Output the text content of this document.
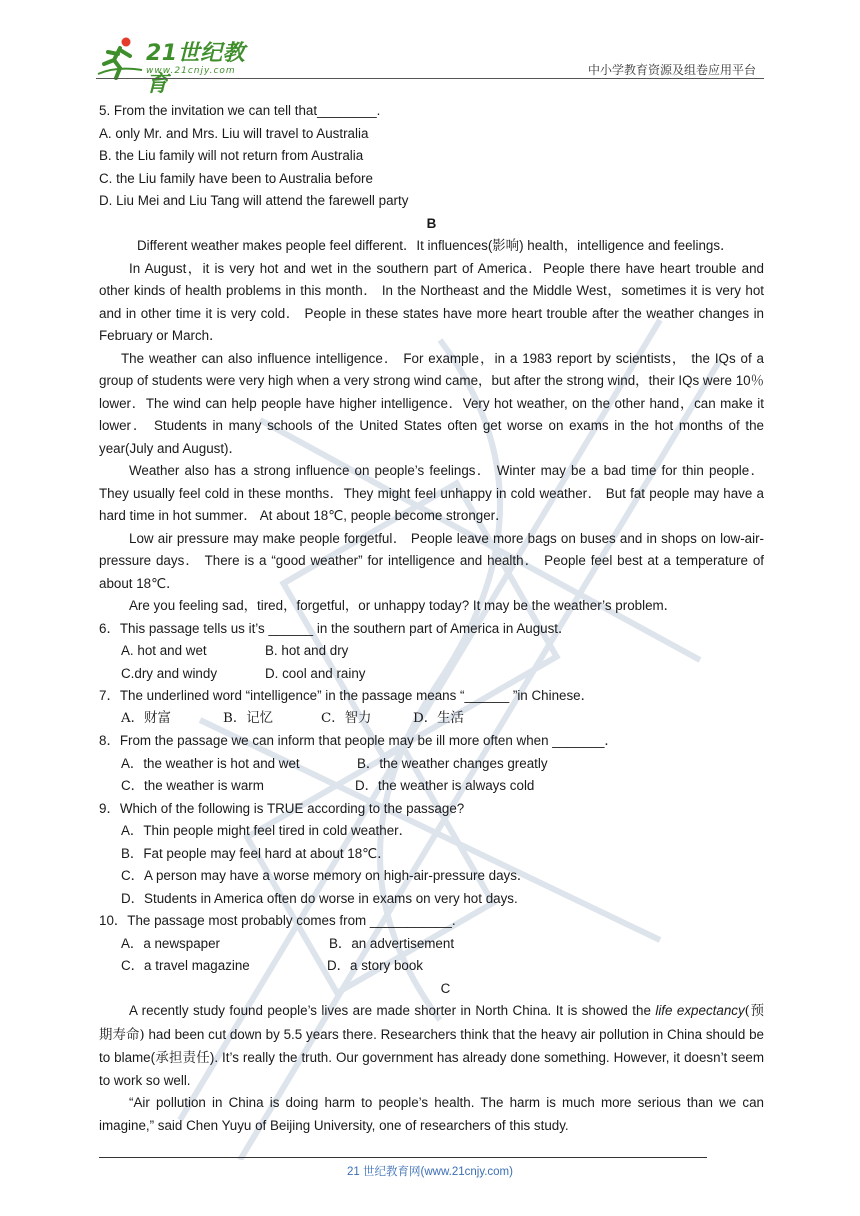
21世纪教育
www.21cnjy.com	中小学教育资源及组卷应用平台
5. From the invitation we can tell that________.
A. only Mr. and Mrs. Liu will travel to Australia
B. the Liu family will not return from Australia
C. the Liu family have been to Australia before
D. Liu Mei and Liu Tang will attend the farewell party
B
Different weather makes people feel different．It influences(影响) health，intelligence and feelings．
In August，it is very hot and wet in the southern part of America．People there have heart trouble and other kinds of health problems in this month． In the Northeast and the Middle West，sometimes it is very hot and in other time it is very cold． People in these states have more heart trouble after the weather changes in February or March．
The weather can also influence intelligence． For example，in a 1983 report by scientists， the IQs of a group of students were very high when a very strong wind came，but after the strong wind，their IQs were 10％ lower．The wind can help people have higher intelligence．Very hot weather, on the other hand，can make it lower． Students in many schools of the United States often get worse on exams in the hot months of the year(July and August)．
Weather also has a strong influence on people’s feelings． Winter may be a bad time for thin people．They usually feel cold in these months．They might feel unhappy in cold weather． But fat people may have a hard time in hot summer． At about 18℃, people become stronger．
Low air pressure may make people forgetful． People leave more bags on buses and in shops on low-air-pressure days． There is a “good weather” for intelligence and health． People feel best at a temperature of about 18℃．
Are you feeling sad，tired，forgetful，or unhappy today? It may be the weather’s problem．
6．This passage tells us it’s ______ in the southern part of America in August．
A. hot and wet	B. hot and dry
C.dry and windy	D. cool and rainy
7．The underlined word “intelligence” in the passage means “______ ”in Chinese．
A．财富	B．记忆	C．智力	D．生活
8．From the passage we can inform that people may be ill more often when _______．
A．the weather is hot and wet	B．the weather changes greatly
C．the weather is warm	D．the weather is always cold
9．Which of the following is TRUE according to the passage?
A．Thin people might feel tired in cold weather．
B．Fat people may feel hard at about 18℃．
C．A person may have a worse memory on high-air-pressure days．
D．Students in America often do worse in exams on very hot days.
10．The passage most probably comes from ___________.
A．a newspaper	B．an advertisement
C．a travel magazine	D．a story book
C
A recently study found people’s lives are made shorter in North China. It is showed the life expectancy(预期寿命) had been cut down by 5.5 years there. Researchers think that the heavy air pollution in China should be to blame(承担责任). It’s really the truth. Our government has already done something. However, it doesn’t seem to work so well.
“Air pollution in China is doing harm to people’s health. The harm is much more serious than we can imagine,” said Chen Yuyu of Beijing University, one of researchers of this study.
21 世纪教育网(www.21cnjy.com)
